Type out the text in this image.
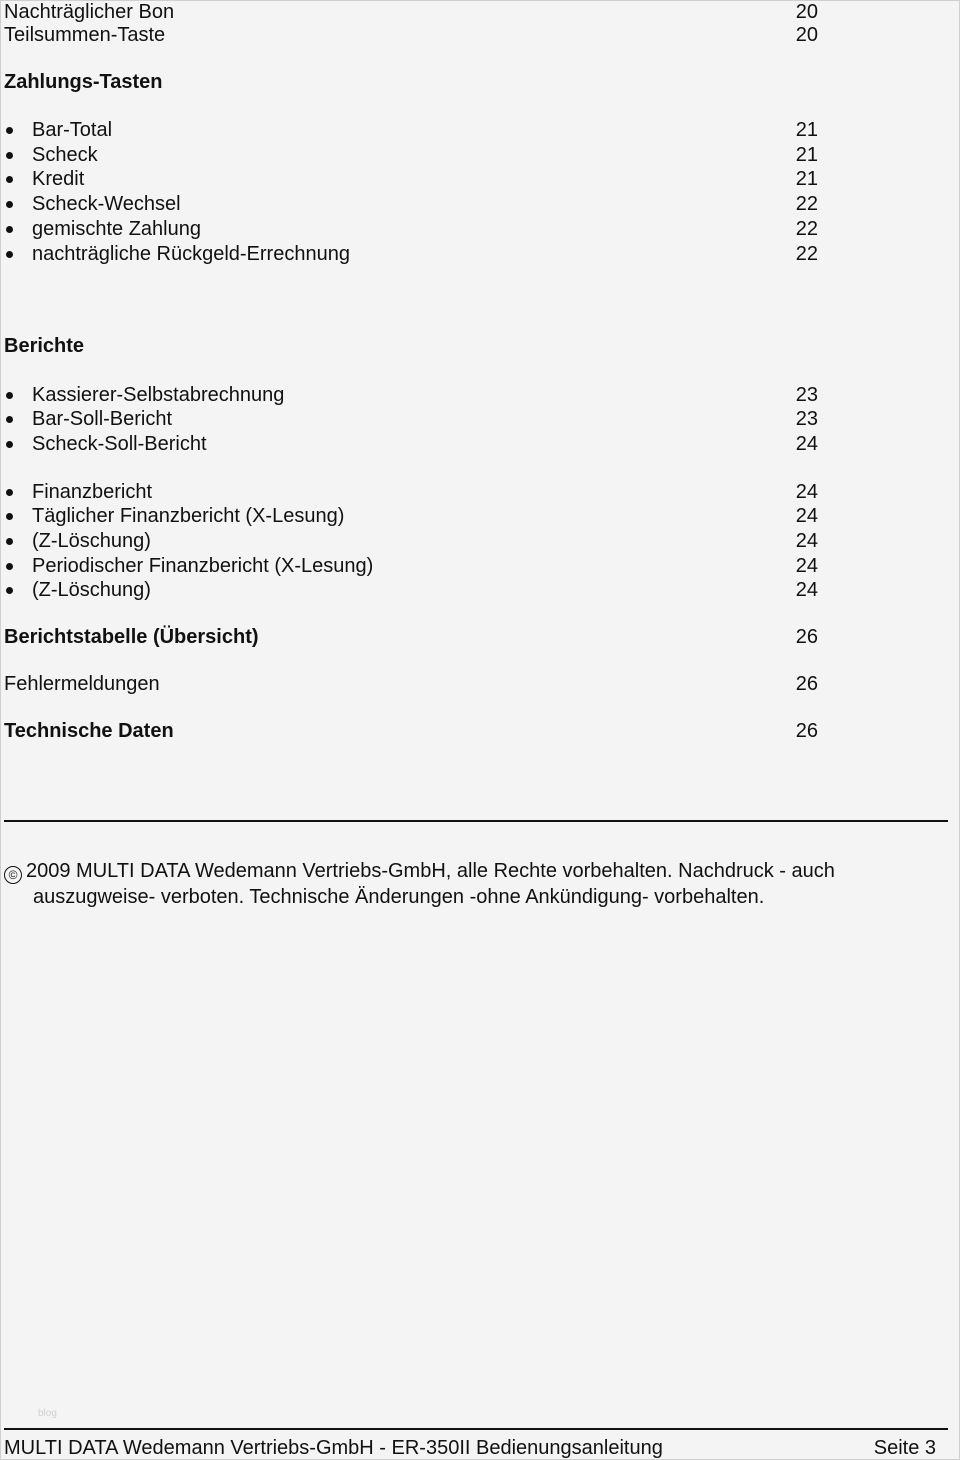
Nachträglicher Bon	20
Teilsummen-Taste	20
Zahlungs-Tasten
Bar-Total	21
Scheck	21
Kredit	21
Scheck-Wechsel	22
gemischte Zahlung	22
nachträgliche Rückgeld-Errechnung	22
Berichte
Kassierer-Selbstabrechnung	23
Bar-Soll-Bericht	23
Scheck-Soll-Bericht	24
Finanzbericht	24
Täglicher Finanzbericht (X-Lesung)	24
(Z-Löschung)	24
Periodischer Finanzbericht (X-Lesung)	24
(Z-Löschung)	24
Berichtstabelle (Übersicht)	26
Fehlermeldungen	26
Technische Daten	26
© 2009 MULTI DATA Wedemann Vertriebs-GmbH, alle Rechte vorbehalten. Nachdruck - auch
auszugweise- verboten. Technische Änderungen -ohne Ankündigung- vorbehalten.
blog
MULTI DATA Wedemann Vertriebs-GmbH - ER-350II Bedienungsanleitung	Seite 3
